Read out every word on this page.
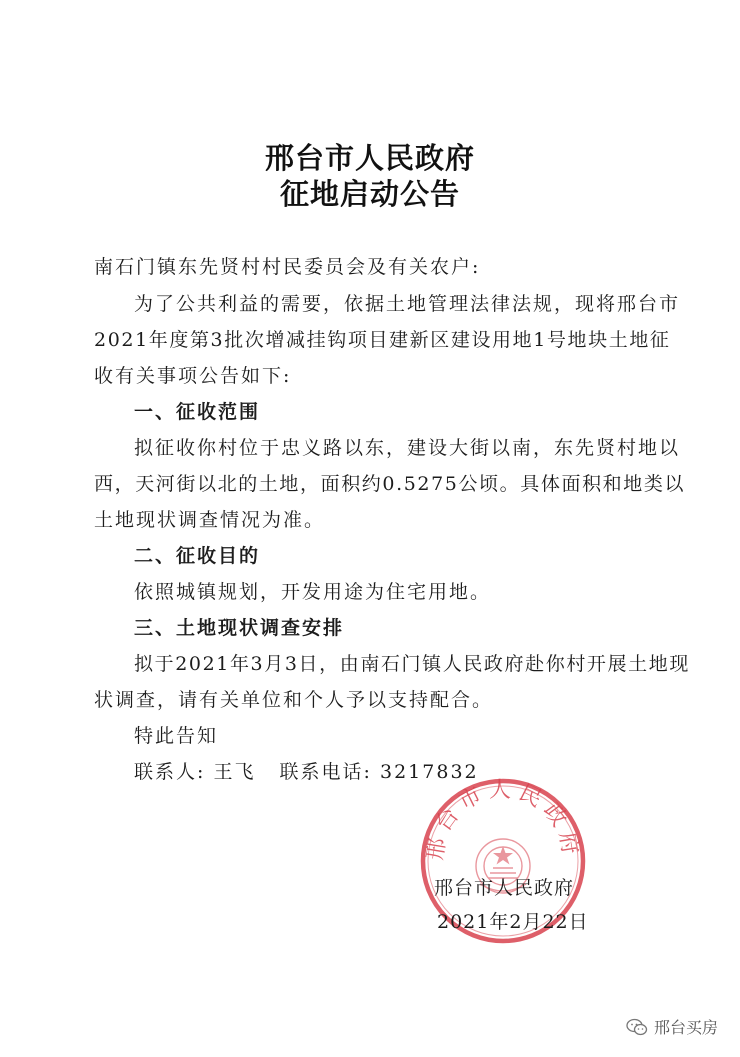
邢台市人民政府
征地启动公告
南石门镇东先贤村村民委员会及有关农户:
为了公共利益的需要，依据土地管理法律法规，现将邢台市
2021年度第3批次增减挂钩项目建新区建设用地1号地块土地征
收有关事项公告如下:
一、征收范围
拟征收你村位于忠义路以东，建设大街以南，东先贤村地以
西，天河街以北的土地，面积约0.5275公顷。具体面积和地类以
土地现状调查情况为准。
二、征收目的
依照城镇规划，开发用途为住宅用地。
三、土地现状调查安排
拟于2021年3月3日，由南石门镇人民政府赴你村开展土地现
状调查，请有关单位和个人予以支持配合。
特此告知
联系人: 王飞   联系电话: 3217832
邢台市人民政府
邢台市人民政府
2021年2月22日
邢台买房
